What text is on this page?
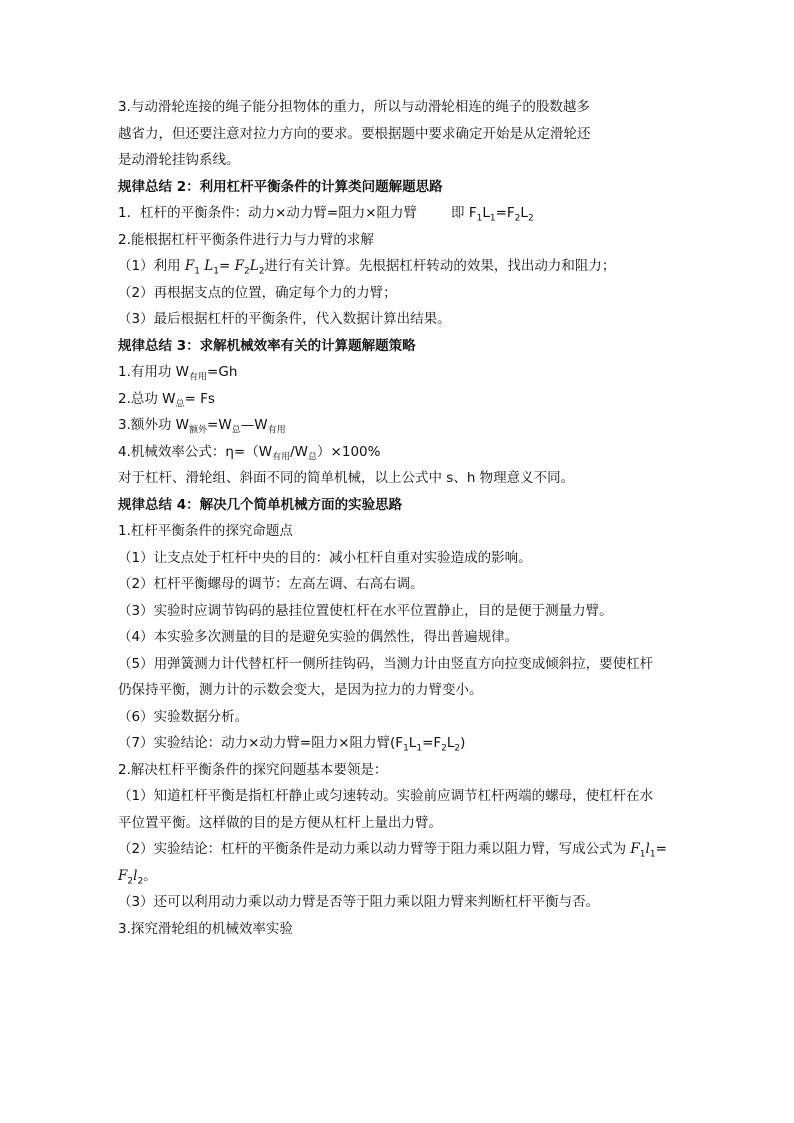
3.与动滑轮连接的绳子能分担物体的重力，所以与动滑轮相连的绳子的股数越多
越省力，但还要注意对拉力方向的要求。要根据题中要求确定开始是从定滑轮还
是动滑轮挂钩系线。
规律总结 2：利用杠杆平衡条件的计算类问题解题思路
1．杠杆的平衡条件：动力×动力臂=阻力×阻力臂	即 $F_1L_1=F_2L_2$
2.能根据杠杆平衡条件进行力与力臂的求解
（1）利用 $F_1$ $L_1= F_2L_2$进行有关计算。先根据杠杆转动的效果，找出动力和阻力；
（2）再根据支点的位置，确定每个力的力臂；
（3）最后根据杠杆的平衡条件，代入数据计算出结果。
规律总结 3：求解机械效率有关的计算题解题策略
1.有用功 $W_{有用}=Gh$
2.总功 $W_总= Fs$
3.额外功 $W_{额外}=W_总—W_{有用}$
4.机械效率公式：$\eta=(W_{有用}/W_总)\times 100\%$
对于杠杆、滑轮组、斜面不同的简单机械，以上公式中 s、h 物理意义不同。
规律总结 4：解决几个简单机械方面的实验思路
1.杠杆平衡条件的探究命题点
（1）让支点处于杠杆中央的目的：减小杠杆自重对实验造成的影响。
（2）杠杆平衡螺母的调节：左高左调、右高右调。
（3）实验时应调节钩码的悬挂位置使杠杆在水平位置静止，目的是便于测量力臂。
（4）本实验多次测量的目的是避免实验的偶然性，得出普遍规律。
（5）用弹簧测力计代替杠杆一侧所挂钩码，当测力计由竖直方向拉变成倾斜拉，要使杠杆
仍保持平衡，测力计的示数会变大，是因为拉力的力臂变小。
（6）实验数据分析。
（7）实验结论：动力×动力臂=阻力×阻力臂$(F_1L_1=F_2L_2)$
2.解决杠杆平衡条件的探究问题基本要领是：
（1）知道杠杆平衡是指杠杆静止或匀速转动。实验前应调节杠杆两端的螺母，使杠杆在水
平位置平衡。这样做的目的是方便从杠杆上量出力臂。
（2）实验结论：杠杆的平衡条件是动力乘以动力臂等于阻力乘以阻力臂，写成公式为 $F_1l_1=$
$F_2l_2$。
（3）还可以利用动力乘以动力臂是否等于阻力乘以阻力臂来判断杠杆平衡与否。
3.探究滑轮组的机械效率实验
